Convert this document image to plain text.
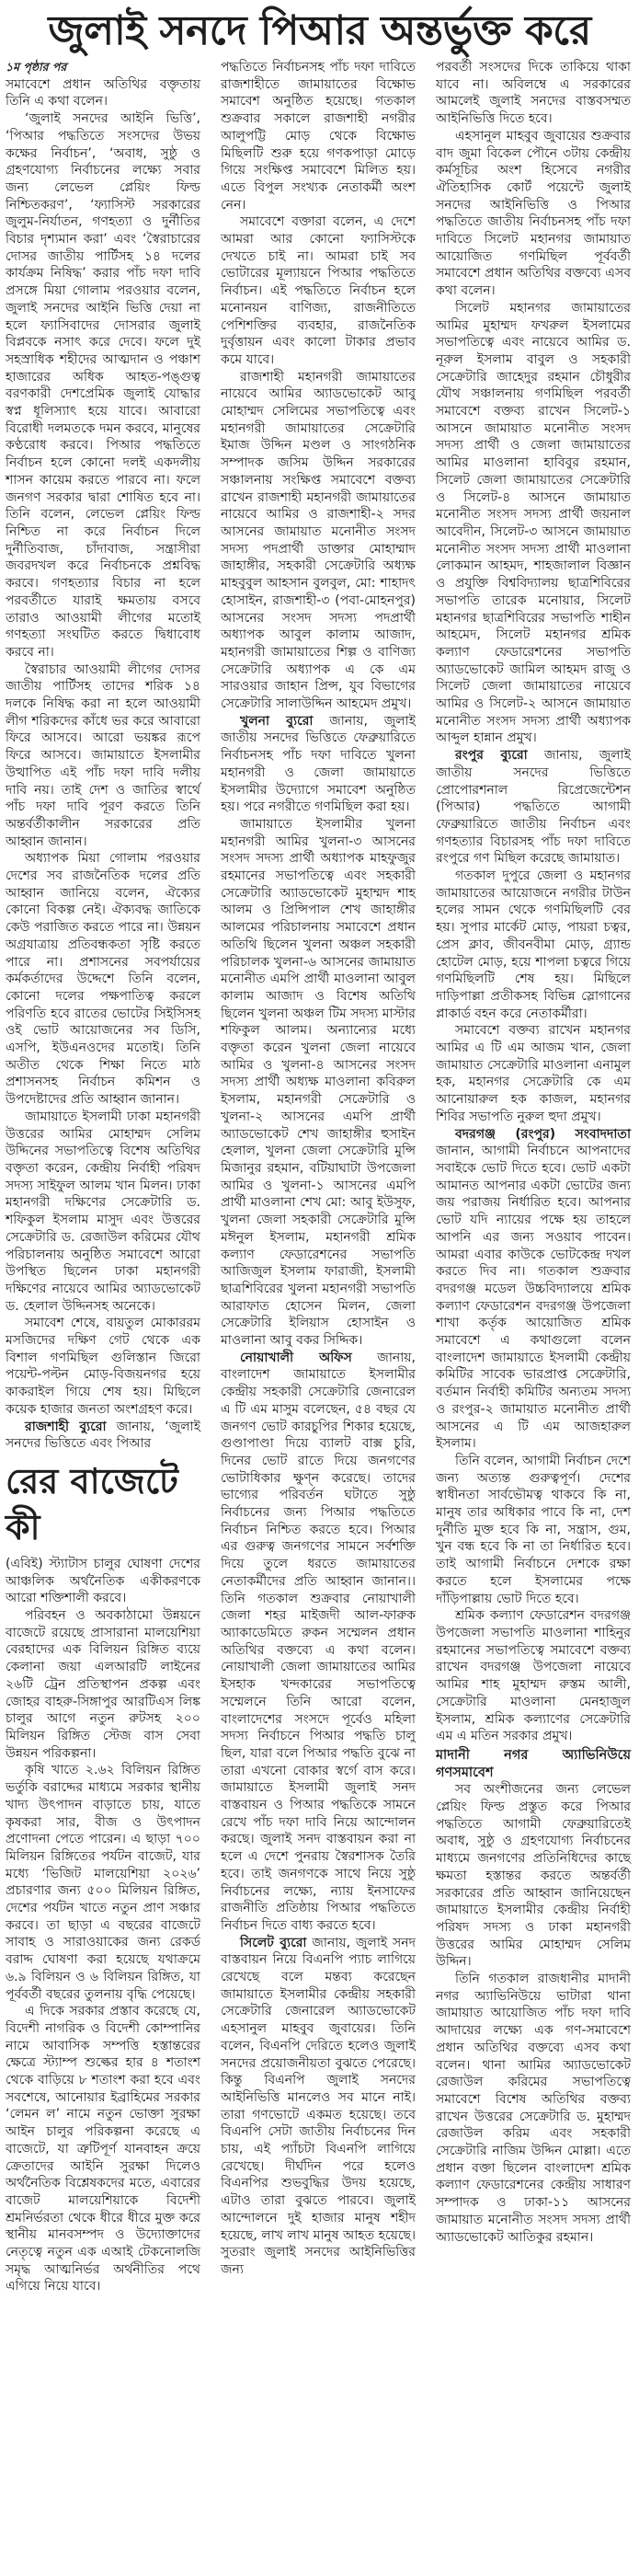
জুলাই সনদে পিআর অন্তর্ভুক্ত করে

১ম পৃষ্ঠার পর

সমাবেশে প্রধান অতিথির বক্তৃতায় তিনি এ কথা বলেন।

‘জুলাই সনদের আইনি ভিত্তি’, ‘পিআর পদ্ধতিতে সংসদের উভয় কক্ষের নির্বাচন’, ‘অবাধ, সুষ্ঠু ও গ্রহণযোগ্য নির্বাচনের লক্ষ্যে সবার জন্য লেভেল প্লেয়িং ফিল্ড নিশ্চিতকরণ’, ‘ফ্যাসিস্ট সরকারের জুলুম-নির্যাতন, গণহত্যা ও দুর্নীতির বিচার দৃশ্যমান করা’ এবং ‘স্বৈরাচারের দোসর জাতীয় পার্টিসহ ১৪ দলের কার্যক্রম নিষিদ্ধ’ করার পাঁচ দফা দাবি প্রসঙ্গে মিয়া গোলাম পরওয়ার বলেন, জুলাই সনদের আইনি ভিত্তি দেয়া না হলে ফ্যাসিবাদের দোসরার জুলাই বিপ্লবকে নসাৎ করে দেবে। ফলে দুই সহস্রাধিক শহীদের আত্মদান ও পঞ্চাশ হাজারের অধিক আহত-পঙ্গুত্ব বরণকারী দেশপ্রেমিক জুলাই যোদ্ধার স্বপ্ন ধূলিস্যাৎ হয়ে যাবে। আবারো বিরোধী দলমতকে দমন করবে, মানুষের কণ্ঠরোধ করবে। পিআর পদ্ধতিতে নির্বাচন হলে কোনো দলই একদলীয় শাসন কায়েম করতে পারবে না। ফলে জনগণ সরকার দ্বারা শোষিত হবে না। তিনি বলেন, লেভেল প্লেয়িং ফিল্ড নিশ্চিত না করে নির্বাচন দিলে দুর্নীতিবাজ, চাঁদাবাজ, সন্ত্রাসীরা জবরদখল করে নির্বাচনকে প্রশ্নবিদ্ধ করবে। গণহত্যার বিচার না হলে পরবর্তীতে যারাই ক্ষমতায় বসবে তারাও আওয়ামী লীগের মতোই গণহত্যা সংঘটিত করতে দ্বিধাবোধ করবে না।

স্বৈরাচার আওয়ামী লীগের দোসর জাতীয় পার্টিসহ তাদের শরিক ১৪ দলকে নিষিদ্ধ করা না হলে আওয়ামী লীগ শরিকদের কাঁধে ভর করে আবারো ফিরে আসবে। আরো ভয়ঙ্কর রূপে ফিরে আসবে। জামায়াতে ইসলামীর উত্থাপিত এই পাঁচ দফা দাবি দলীয় দাবি নয়। তাই দেশ ও জাতির স্বার্থে পাঁচ দফা দাবি পূরণ করতে তিনি অন্তর্বর্তীকালীন সরকারের প্রতি আহ্বান জানান।

অধ্যাপক মিয়া গোলাম পরওয়ার দেশের সব রাজনৈতিক দলের প্রতি আহ্বান জানিয়ে বলেন, ঐক্যের কোনো বিকল্প নেই। ঐক্যবদ্ধ জাতিকে কেউ পরাজিত করতে পারে না। উন্নয়ন অগ্রযাত্রায় প্রতিবন্ধকতা সৃষ্টি করতে পারে না। প্রশাসনের সবপর্যায়ের কর্মকর্তাদের উদ্দেশে তিনি বলেন, কোনো দলের পক্ষপাতিত্ব করলে পরিণতি হবে রাতের ভোটের সিইসিসহ ওই ভোট আয়োজনের সব ডিসি, এসপি, ইউএনওদের মতোই। তিনি অতীত থেকে শিক্ষা নিতে মাঠ প্রশাসনসহ নির্বাচন কমিশন ও উপদেষ্টাদের প্রতি আহ্বান জানান।

জামায়াতে ইসলামী ঢাকা মহানগরী উত্তরের আমির মোহাম্মদ সেলিম উদ্দিনের সভাপতিত্বে বিশেষ অতিথির বক্তৃতা করেন, কেন্দ্রীয় নির্বাহী পরিষদ সদস্য সাইফুল আলম খান মিলন। ঢাকা মহানগরী দক্ষিণের সেক্রেটারি ড. শফিকুল ইসলাম মাসুদ এবং উত্তরের সেক্রেটারি ড. রেজাউল করিমের যৌথ পরিচালনায় অনুষ্ঠিত সমাবেশে আরো উপস্থিত ছিলেন ঢাকা মহানগরী দক্ষিণের নায়েবে আমির অ্যাডভোকেট ড. হেলাল উদ্দিনসহ অনেকে।

সমাবেশ শেষে, বায়তুল মোকাররম মসজিদের দক্ষিণ গেট থেকে এক বিশাল গণমিছিল গুলিস্তান জিরো পয়েন্ট-পল্টন মোড়-বিজয়নগর হয়ে কাকরাইল গিয়ে শেষ হয়। মিছিলে কয়েক হাজার জনতা অংশগ্রহণ করে।

রাজশাহী ব্যুরো জানায়, ‘জুলাই সনদের ভিত্তিতে এবং পিআর

রের বাজেটে কী

(এবিই) স্ট্যাটাস চালুর ঘোষণা দেশের আঞ্চলিক অর্থনৈতিক একীকরণকে আরো শক্তিশালী করবে।

পরিবহন ও অবকাঠামো উন্নয়নে বাজেটে রয়েছে প্রাসারানা মালয়েশিয়া বেরহাদের এক বিলিয়ন রিঙ্গিত ব্যয়ে কেলানা জয়া এলআরটি লাইনের ২৬টি ট্রেন প্রতিস্থাপন প্রকল্প এবং জোহর বাহরু-সিঙ্গাপুর আরটিএস লিঙ্ক চালুর আগে নতুন রুটসহ ২০০ মিলিয়ন রিঙ্গিত স্টেজ বাস সেবা উন্নয়ন পরিকল্পনা।

কৃষি খাতে ২.৬২ বিলিয়ন রিঙ্গিত ভর্তুকি বরাদ্দের মাধ্যমে সরকার স্থানীয় খাদ্য উৎপাদন বাড়াতে চায়, যাতে কৃষকরা সার, বীজ ও উৎপাদন প্রণোদনা পেতে পারেন। এ ছাড়া ৭০০ মিলিয়ন রিঙ্গিতের পর্যটন বাজেট, যার মধ্যে ‘ভিজিট মালয়েশিয়া ২০২৬’ প্রচারণার জন্য ৫০০ মিলিয়ন রিঙ্গিত, দেশের পর্যটন খাতে নতুন প্রাণ সঞ্চার করবে। তা ছাড়া এ বছরের বাজেটে সাবাহ ও সারাওয়াকের জন্য রেকর্ড বরাদ্দ ঘোষণা করা হয়েছে যথাক্রমে ৬.৯ বিলিয়ন ও ৬ বিলিয়ন রিঙ্গিত, যা পূর্ববর্তী বছরের তুলনায় বৃদ্ধি পেয়েছে।

এ দিকে সরকার প্রস্তাব করেছে যে, বিদেশী নাগরিক ও বিদেশী কোম্পানির নামে আবাসিক সম্পত্তি হস্তান্তরের ক্ষেত্রে স্ট্যাম্প শুল্কের হার ৪ শতাংশ থেকে বাড়িয়ে ৮ শতাংশ করা হবে এবং সবশেষে, আনোয়ার ইব্রাহিমের সরকার ‘লেমন ল’ নামে নতুন ভোক্তা সুরক্ষা আইন চালুর পরিকল্পনা করেছে এ বাজেটে, যা ত্রুটিপূর্ণ যানবাহন ক্রয়ে ক্রেতাদের আইনি সুরক্ষা দিলেও অর্থনৈতিক বিশ্লেষকদের মতে, এবারের বাজেট মালয়েশিয়াকে বিদেশী শ্রমনির্ভরতা থেকে ধীরে ধীরে মুক্ত করে স্থানীয় মানবসম্পদ ও উদ্যোক্তাদের নেতৃত্বে নতুন এক এআই টেকনোলজি সমৃদ্ধ আত্মনির্ভর অর্থনীতির পথে এগিয়ে নিয়ে যাবে।

পদ্ধতিতে নির্বাচনসহ পাঁচ দফা দাবিতে রাজশাহীতে জামায়াতের বিক্ষোভ সমাবেশ অনুষ্ঠিত হয়েছে। গতকাল শুক্রবার সকালে রাজশাহী নগরীর আলুপট্টি মোড় থেকে বিক্ষোভ মিছিলটি শুরু হয়ে গণকপাড়া মোড়ে গিয়ে সংক্ষিপ্ত সমাবেশে মিলিত হয়। এতে বিপুল সংখ্যক নেতাকর্মী অংশ নেন।

সমাবেশে বক্তারা বলেন, এ দেশে আমরা আর কোনো ফ্যাসিস্টকে দেখতে চাই না। আমরা চাই সব ভোটারের মূল্যায়নে পিআর পদ্ধতিতে নির্বাচন। এই পদ্ধতিতে নির্বাচন হলে মনোনয়ন বাণিজ্য, রাজনীতিতে পেশিশক্তির ব্যবহার, রাজনৈতিক দুর্বৃত্তায়ন এবং কালো টাকার প্রভাব কমে যাবে।

রাজশাহী মহানগরী জামায়াতের নায়েবে আমির অ্যাডভোকেট আবু মোহাম্মদ সেলিমের সভাপতিত্বে এবং মহানগরী জামায়াতের সেক্রেটারি ইমাজ উদ্দিন মণ্ডল ও সাংগঠনিক সম্পাদক জসিম উদ্দিন সরকারের সঞ্চালনায় সংক্ষিপ্ত সমাবেশে বক্তব্য রাখেন রাজশাহী মহানগরী জামায়াতের নায়েবে আমির ও রাজশাহী-২ সদর আসনের জামায়াত মনোনীত সংসদ সদস্য পদপ্রার্থী ডাক্তার মোহাম্মাদ জাহাঙ্গীর, সহকারী সেক্রেটারি অধ্যক্ষ মাহবুবুল আহসান বুলবুল, মো: শাহাদৎ হোসাইন, রাজশাহী-৩ (পবা-মোহনপুর) আসনের সংসদ সদস্য পদপ্রার্থী অধ্যাপক আবুল কালাম আজাদ, মহানগরী জামায়াতের শিল্প ও বাণিজ্য সেক্রেটারি অধ্যাপক এ কে এম সারওয়ার জাহান প্রিন্স, যুব বিভাগের সেক্রেটারি সালাউদ্দিন আহমেদ প্রমুখ।

খুলনা ব্যুরো জানায়, জুলাই জাতীয় সনদের ভিত্তিতে ফেব্রুয়ারিতে নির্বাচনসহ পাঁচ দফা দাবিতে খুলনা মহানগরী ও জেলা জামায়াতে ইসলামীর উদ্যোগে সমাবেশ অনুষ্ঠিত হয়। পরে নগরীতে গণমিছিল করা হয়।

জামায়াতে ইসলামীর খুলনা মহানগরী আমির খুলনা-৩ আসনের সংসদ সদস্য প্রার্থী অধ্যাপক মাহফুজুর রহমানের সভাপতিত্বে এবং সহকারী সেক্রেটারি অ্যাডভোকেট মুহাম্মদ শাহ আলম ও প্রিন্সিপাল শেখ জাহাঙ্গীর আলমের পরিচালনায় সমাবেশে প্রধান অতিথি ছিলেন খুলনা অঞ্চল সহকারী পরিচালক খুলনা-৬ আসনের জামায়াত মনোনীত এমপি প্রার্থী মাওলানা আবুল কালাম আজাদ ও বিশেষ অতিথি ছিলেন খুলনা অঞ্চল টিম সদস্য মাস্টার শফিকুল আলম। অন্যান্যের মধ্যে বক্তৃতা করেন খুলনা জেলা নায়েবে আমির ও খুলনা-৪ আসনের সংসদ সদস্য প্রার্থী অধ্যক্ষ মাওলানা কবিরুল ইসলাম, মহানগরী সেক্রেটারি ও খুলনা-২ আসনের এমপি প্রার্থী অ্যাডভোকেট শেখ জাহাঙ্গীর হুসাইন হেলাল, খুলনা জেলা সেক্রেটারি মুন্সি মিজানুর রহমান, বটিয়াঘাটা উপজেলা আমির ও খুলনা-১ আসনের এমপি প্রার্থী মাওলানা শেখ মো: আবু ইউসুফ, খুলনা জেলা সহকারী সেক্রেটারি মুন্সি মঈনুল ইসলাম, মহানগরী শ্রমিক কল্যাণ ফেডারেশনের সভাপতি আজিজুল ইসলাম ফারাজী, ইসলামী ছাত্রশিবিরের খুলনা মহানগরী সভাপতি আরাফাত হোসেন মিলন, জেলা সেক্রেটারি ইলিয়াস হোসাইন ও মাওলানা আবু বকর সিদ্দিক।

নোয়াখালী অফিস জানায়, বাংলাদেশ জামায়াতে ইসলামীর কেন্দ্রীয় সহকারী সেক্রেটারি জেনারেল এ টি এম মাসুম বলেছেন, ৫৪ বছর যে জনগণ ভোট কারচুপির শিকার হয়েছে, গুণ্ডাপাণ্ডা দিয়ে ব্যালট বাক্স চুরি, দিনের ভোট রাতে দিয়ে জনগণের ভোটাধিকার ক্ষুণ্ন করেছে। তাদের ভাগ্যের পরিবর্তন ঘটাতে সুষ্ঠু নির্বাচনের জন্য পিআর পদ্ধতিতে নির্বাচন নিশ্চিত করতে হবে। পিআর এর গুরুত্ব জনগণের সামনে সর্বশক্তি দিয়ে তুলে ধরতে জামায়াতের নেতাকর্মীদের প্রতি আহ্বান জানান।। তিনি গতকাল শুক্রবার নোয়াখালী জেলা শহর মাইজদী আল-ফারুক অ্যাকাডেমিতে রুকন সম্মেলন প্রধান অতিথির বক্তব্যে এ কথা বলেন। নোয়াখালী জেলা জামায়াতের আমির ইসহাক খন্দকারের সভাপতিত্বে সম্মেলনে তিনি আরো বলেন, বাংলাদেশের সংসদে পূর্বেও মহিলা সদস্য নির্বাচনে পিআর পদ্ধতি চালু ছিল, যারা বলে পিআর পদ্ধতি বুঝে না তারা এখনো বোকার স্বর্গে বাস করে। জামায়াতে ইসলামী জুলাই সনদ বাস্তবায়ন ও পিআর পদ্ধতিকে সামনে রেখে পাঁচ দফা দাবি নিয়ে আন্দোলন করছে। জুলাই সনদ বাস্তবায়ন করা না হলে এ দেশে পুনরায় স্বৈরশাসক তৈরি হবে। তাই জনগণকে সাথে নিয়ে সুষ্ঠু নির্বাচনের লক্ষ্যে, ন্যায় ইনসাফের রাজনীতি প্রতিষ্ঠায় পিআর পদ্ধতিতে নির্বাচন দিতে বাধ্য করতে হবে।

সিলেট ব্যুরো জানায়, জুলাই সনদ বাস্তবায়ন নিয়ে বিএনপি প্যাচ লাগিয়ে রেখেছে বলে মন্তব্য করেছেন জামায়াতে ইসলামীর কেন্দ্রীয় সহকারী সেক্রেটারি জেনারেল অ্যাডভোকেট এহসানুল মাহবুব জুবায়ের। তিনি বলেন, বিএনপি দেরিতে হলেও জুলাই সনদের প্রয়োজনীয়তা বুঝতে পেরেছে। কিন্তু বিএনপি জুলাই সনদের আইনিভিত্তি মানলেও সব মানে নাই। তারা গণভোটে একমত হয়েছে। তবে বিএনপি সেটা জাতীয় নির্বাচনের দিন চায়, এই প্যাঁচটা বিএনপি লাগিয়ে রেখেছে। দীর্ঘদিন পরে হলেও বিএনপির শুভবুদ্ধির উদয় হয়েছে, এটাও তারা বুঝতে পারবে। জুলাই আন্দোলনে দুই হাজার মানুষ শহীদ হয়েছে, লাখ লাখ মানুষ আহত হয়েছে। সুতরাং জুলাই সনদের আইনিভিত্তির জন্য

পরবর্তী সংসদের দিকে তাকিয়ে থাকা যাবে না। অবিলম্বে এ সরকারের আমলেই জুলাই সনদের বাস্তবসম্মত আইনিভিত্তি দিতে হবে।

এহসানুল মাহবুব জুবায়ের শুক্রবার বাদ জুমা বিকেল পৌনে ৩টায় কেন্দ্রীয় কর্মসূচির অংশ হিসেবে নগরীর ঐতিহাসিক কোর্ট পয়েন্টে জুলাই সনদের আইনিভিত্তি ও পিআর পদ্ধতিতে জাতীয় নির্বাচনসহ পাঁচ দফা দাবিতে সিলেট মহানগর জামায়াত আয়োজিত গণমিছিল পূর্ববর্তী সমাবেশে প্রধান অতিথির বক্তব্যে এসব কথা বলেন।

সিলেট মহানগর জামায়াতের আমির মুহাম্মদ ফখরুল ইসলামের সভাপতিত্বে এবং নায়েবে আমির ড. নূরুল ইসলাম বাবুল ও সহকারী সেক্রেটারি জাহেদুর রহমান চৌধুরীর যৌথ সঞ্চালনায় গণমিছিল পরবর্তী সমাবেশে বক্তব্য রাখেন সিলেট-১ আসনে জামায়াত মনোনীত সংসদ সদস্য প্রার্থী ও জেলা জামায়াতের আমির মাওলানা হাবিবুর রহমান, সিলেট জেলা জামায়াতের সেক্রেটারি ও সিলেট-৪ আসনে জামায়াত মনোনীত সংসদ সদস্য প্রার্থী জয়নাল আবেদীন, সিলেট-৩ আসনে জামায়াত মনোনীত সংসদ সদস্য প্রার্থী মাওলানা লোকমান আহমদ, শাহজালাল বিজ্ঞান ও প্রযুক্তি বিশ্ববিদ্যালয় ছাত্রশিবিরের সভাপতি তারেক মনোয়ার, সিলেট মহানগর ছাত্রশিবিরের সভাপতি শাহীন আহমেদ, সিলেট মহানগর শ্রমিক কল্যাণ ফেডারেশনের সভাপতি অ্যাডভোকেট জামিল আহমদ রাজু ও সিলেট জেলা জামায়াতের নায়েবে আমির ও সিলেট-২ আসনে জামায়াত মনোনীত সংসদ সদস্য প্রার্থী অধ্যাপক আব্দুল হান্নান প্রমুখ।

রংপুর ব্যুরো জানায়, জুলাই জাতীয় সনদের ভিত্তিতে প্রোপোরশনাল রিপ্রেজেন্টেশন (পিআর) পদ্ধতিতে আগামী ফেব্রুয়ারিতে জাতীয় নির্বাচন এবং গণহত্যার বিচারসহ পাঁচ দফা দাবিতে রংপুরে গণ মিছিল করেছে জামায়াত।

গতকাল দুপুরে জেলা ও মহানগর জামায়াতের আয়োজনে নগরীর টাউন হলের সামন থেকে গণমিছিলটি বের হয়। সুপার মার্কেট মোড়, পায়রা চত্বর, প্রেস ক্লাব, জীবনবীমা মোড়, গ্র্যান্ড হোটেল মোড়, হয়ে শাপলা চত্বরে গিয়ে গণমিছিলটি শেষ হয়। মিছিলে দাড়িপাল্লা প্রতীকসহ বিভিন্ন স্লোগানের প্লাকার্ড বহন করে নেতাকর্মীরা।

সমাবেশে বক্তব্য রাখেন মহানগর আমির এ টি এম আজম খান, জেলা জামায়াত সেক্রেটারি মাওলানা এনামুল হক, মহানগর সেক্রেটারি কে এম আনোয়ারুল হক কাজল, মহানগর শিবির সভাপতি নুরুল হুদা প্রমুখ।

বদরগঞ্জ (রংপুর) সংবাদদাতা জানান, আগামী নির্বাচনে আপনাদের সবাইকে ভোট দিতে হবে। ভোট একটা আমানত আপনার একটা ভোটের জন্য জয় পরাজয় নির্ধারিত হবে। আপনার ভোট যদি ন্যায়ের পক্ষে হয় তাহলে আপনি এর জন্য সওয়াব পাবেন। আমরা এবার কাউকে ভোটকেন্দ্র দখল করতে দিব না। গতকাল শুক্রবার বদরগঞ্জ মডেল উচ্চবিদ্যালয়ে শ্রমিক কল্যাণ ফেডারেশন বদরগঞ্জ উপজেলা শাখা কর্তৃক আয়োজিত শ্রমিক সমাবেশে এ কথাগুলো বলেন বাংলাদেশ জামায়াতে ইসলামী কেন্দ্রীয় কমিটির সাবেক ভারপ্রাপ্ত সেক্রেটারি, বর্তমান নির্বাহী কমিটির অন্যতম সদস্য ও রংপুর-২ জামায়াত মনোনীত প্রার্থী আসনের এ টি এম আজহারুল ইসলাম।

তিনি বলেন, আগামী নির্বাচন দেশে জন্য অত্যন্ত গুরুত্বপূর্ণ। দেশের স্বাধীনতা সার্বভৌমত্ব থাকবে কি না, মানুষ তার অধিকার পাবে কি না, দেশ দুর্নীতি মুক্ত হবে কি না, সন্ত্রাস, গুম, খুন বন্ধ হবে কি না তা নির্ধারিত হবে। তাই আগামী নির্বাচনে দেশকে রক্ষা করতে হলে ইসলামের পক্ষে দাঁড়িপাল্লায় ভোট দিতে হবে।

শ্রমিক কল্যাণ ফেডারেশন বদরগঞ্জ উপজেলা সভাপতি মাওলানা শাহিনুর রহমানের সভাপতিত্বে সমাবেশে বক্তব্য রাখেন বদরগঞ্জ উপজেলা নায়েবে আমির শাহ মুহাম্মদ রুস্তম আলী, সেক্রেটারি মাওলানা মেনহাজুল ইসলাম, শ্রমিক কল্যাণের সেক্রেটারি এম এ মতিন সরকার প্রমুখ।

মাদানী নগর অ্যাভিনিউয়ে গণসমাবেশ

সব অংশীজনের জন্য লেভেল প্লেয়িং ফিল্ড প্রস্তুত করে পিআর পদ্ধতিতে আগামী ফেব্রুয়ারিতেই অবাধ, সুষ্ঠু ও গ্রহণযোগ্য নির্বাচনের মাধ্যমে জনগণের প্রতিনিধিদের কাছে ক্ষমতা হস্তান্তর করতে অন্তর্বর্তী সরকারের প্রতি আহ্বান জানিয়েছেন জামায়াতে ইসলামীর কেন্দ্রীয় নির্বাহী পরিষদ সদস্য ও ঢাকা মহানগরী উত্তরের আমির মোহাম্মদ সেলিম উদ্দিন।

তিনি গতকাল রাজধানীর মাদানী নগর অ্যাভিনিউয়ে ভাটারা থানা জামায়াত আয়োজিত পাঁচ দফা দাবি আদায়ের লক্ষ্যে এক গণ-সমাবেশে প্রধান অতিথির বক্তব্যে এসব কথা বলেন। থানা আমির অ্যাডভোকেট রেজাউল করিমের সভাপতিত্বে সমাবেশে বিশেষ অতিথির বক্তব্য রাখেন উত্তরের সেক্রেটারি ড. মুহাম্মদ রেজাউল করিম এবং সহকারী সেক্রেটারি নাজিম উদ্দিন মোল্লা। এতে প্রধান বক্তা ছিলেন বাংলাদেশ শ্রমিক কল্যাণ ফেডারেশনের কেন্দ্রীয় সাধারণ সম্পাদক ও ঢাকা-১১ আসনের জামায়াত মনোনীত সংসদ সদস্য প্রার্থী অ্যাডভোকেট আতিকুর রহমান।
